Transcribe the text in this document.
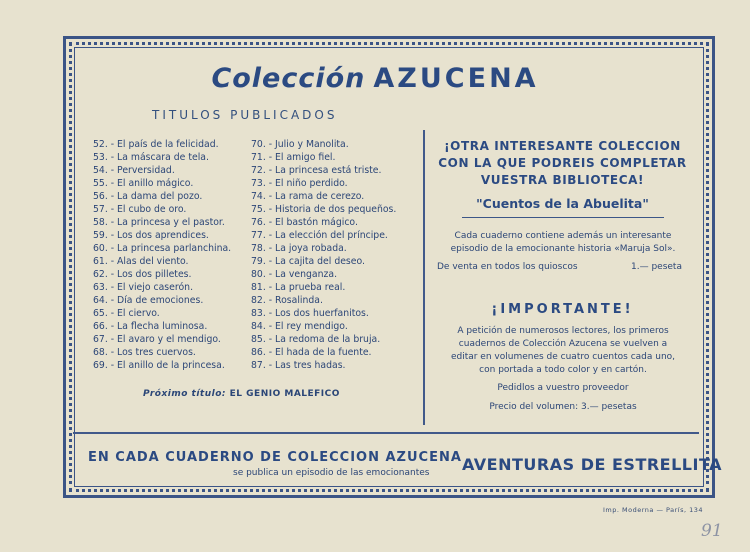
Colección AZUCENA
TITULOS PUBLICADOS
52. - El país de la felicidad.
53. - La máscara de tela.
54. - Perversidad.
55. - El anillo mágico.
56. - La dama del pozo.
57. - El cubo de oro.
58. - La princesa y el pastor.
59. - Los dos aprendices.
60. - La princesa parlanchina.
61. - Alas del viento.
62. - Los dos pilletes.
63. - El viejo caserón.
64. - Día de emociones.
65. - El ciervo.
66. - La flecha luminosa.
67. - El avaro y el mendigo.
68. - Los tres cuervos.
69. - El anillo de la princesa.
70. - Julio y Manolita.
71. - El amigo fiel.
72. - La princesa está triste.
73. - El niño perdido.
74. - La rama de cerezo.
75. - Historia de dos pequeños.
76. - El bastón mágico.
77. - La elección del príncipe.
78. - La joya robada.
79. - La cajita del deseo.
80. - La venganza.
81. - La prueba real.
82. - Rosalinda.
83. - Los dos huerfanitos.
84. - El rey mendigo.
85. - La redoma de la bruja.
86. - El hada de la fuente.
87. - Las tres hadas.
Próximo título: EL GENIO MALEFICO
¡OTRA INTERESANTE COLECCION
CON LA QUE PODREIS COMPLETAR
VUESTRA BIBLIOTECA!
"Cuentos de la Abuelita"
Cada cuaderno contiene además un interesante
episodio de la emocionante historia «Maruja Sol».
De venta en todos los quioscos	1.— peseta
¡IMPORTANTE!
A petición de numerosos lectores, los primeros
cuadernos de Colección Azucena se vuelven a
editar en volumenes de cuatro cuentos cada uno,
con portada a todo color y en cartón.
Pedidlos a vuestro proveedor
Precio del volumen: 3.— pesetas
EN CADA CUADERNO DE COLECCION AZUCENA
se publica un episodio de las emocionantes AVENTURAS DE ESTRELLITA
Imp. Moderna — París, 134
91
